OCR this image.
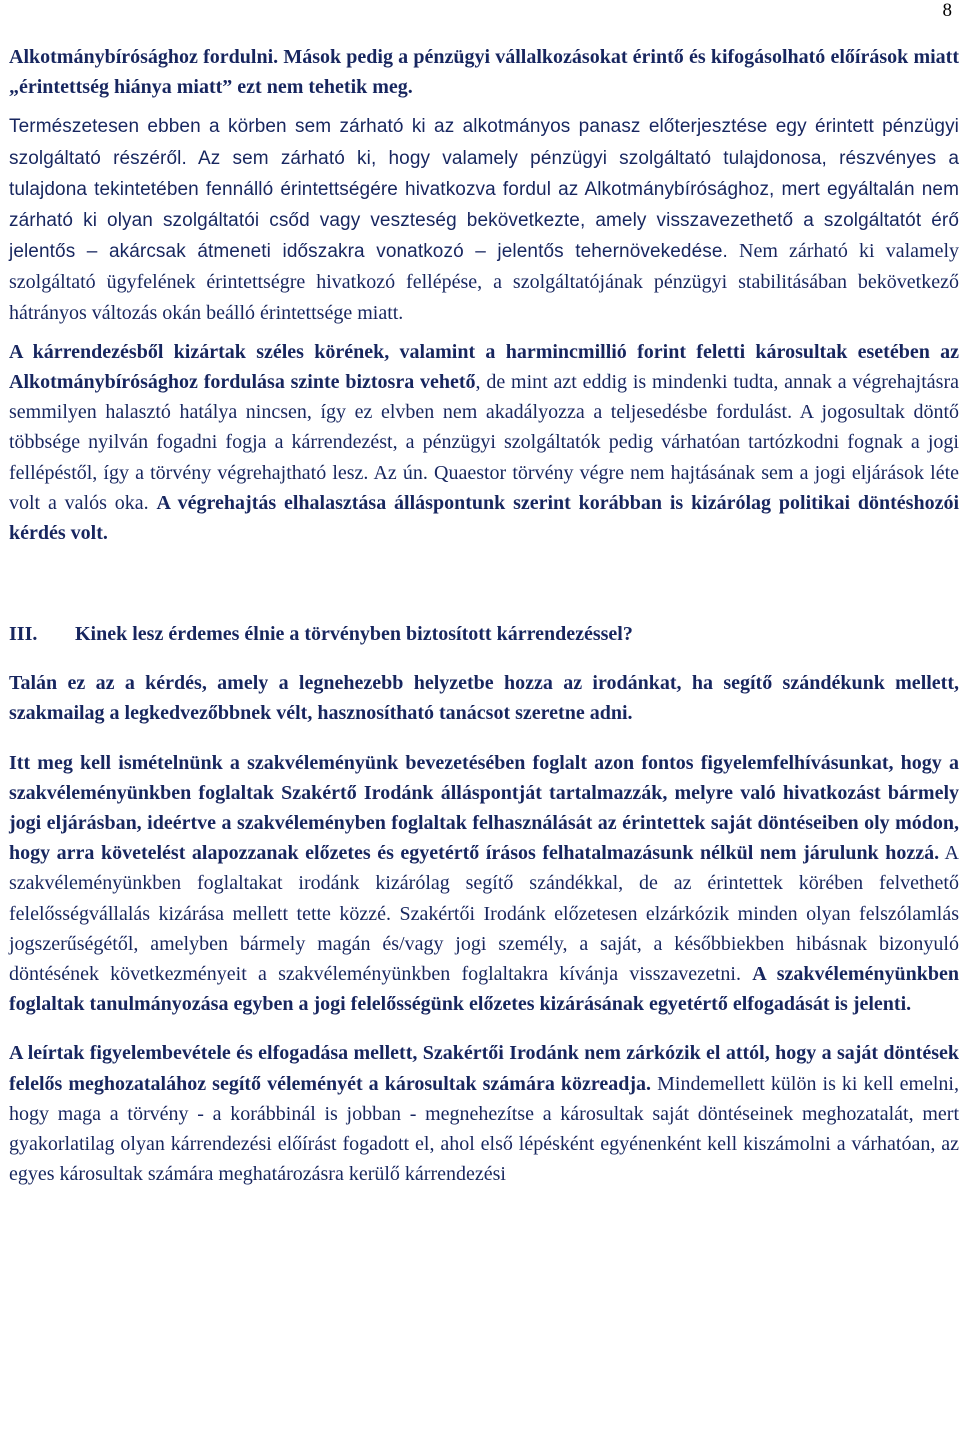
8

Alkotmánybírósághoz fordulni. Mások pedig a pénzügyi vállalkozásokat érintő és kifogásolható előírások miatt „érintettség hiánya miatt” ezt nem tehetik meg.

Természetesen ebben a körben sem zárható ki az alkotmányos panasz előterjesztése egy érintett pénzügyi szolgáltató részéről. Az sem zárható ki, hogy valamely pénzügyi szolgáltató tulajdonosa, részvényes a tulajdona tekintetében fennálló érintettségére hivatkozva fordul az Alkotmánybírósághoz, mert egyáltalán nem zárható ki olyan szolgáltatói csőd vagy veszteség bekövetkezte, amely visszavezethető a szolgáltatót érő jelentős – akárcsak átmeneti időszakra vonatkozó – jelentős tehernövekedése. Nem zárható ki valamely szolgáltató ügyfelének érintettségre hivatkozó fellépése, a szolgáltatójának pénzügyi stabilitásában bekövetkező hátrányos változás okán beálló érintettsége miatt.

A kárrendezésből kizártak széles körének, valamint a harmincmillió forint feletti károsultak esetében az Alkotmánybírósághoz fordulása szinte biztosra vehető, de mint azt eddig is mindenki tudta, annak a végrehajtásra semmilyen halasztó hatálya nincsen, így ez elvben nem akadályozza a teljesedésbe fordulást. A jogosultak döntő többsége nyilván fogadni fogja a kárrendezést, a pénzügyi szolgáltatók pedig várhatóan tartózkodni fognak a jogi fellépéstől, így a törvény végrehajtható lesz. Az ún. Quaestor törvény végre nem hajtásának sem a jogi eljárások léte volt a valós oka. A végrehajtás elhalasztása álláspontunk szerint korábban is kizárólag politikai döntéshozói kérdés volt.

III.	Kinek lesz érdemes élnie a törvényben biztosított kárrendezéssel?

Talán ez az a kérdés, amely a legnehezebb helyzetbe hozza az irodánkat, ha segítő szándékunk mellett, szakmailag a legkedvezőbbnek vélt, hasznosítható tanácsot szeretne adni.

Itt meg kell ismételnünk a szakvéleményünk bevezetésében foglalt azon fontos figyelemfelhívásunkat, hogy a szakvéleményünkben foglaltak Szakértő Irodánk álláspontját tartalmazzák, melyre való hivatkozást bármely jogi eljárásban, ideértve a szakvéleményben foglaltak felhasználását az érintettek saját döntéseiben oly módon, hogy arra követelést alapozzanak előzetes és egyetértő írásos felhatalmazásunk nélkül nem járulunk hozzá. A szakvéleményünkben foglaltakat irodánk kizárólag segítő szándékkal, de az érintettek körében felvethető felelősségvállalás kizárása mellett tette közzé. Szakértői Irodánk előzetesen elzárkózik minden olyan felszólamlás jogszerűségétől, amelyben bármely magán és/vagy jogi személy, a saját, a későbbiekben hibásnak bizonyuló döntésének következményeit a szakvéleményünkben foglaltakra kívánja visszavezetni. A szakvéleményünkben foglaltak tanulmányozása egyben a jogi felelősségünk előzetes kizárásának egyetértő elfogadását is jelenti.

A leírtak figyelembevétele és elfogadása mellett, Szakértői Irodánk nem zárkózik el attól, hogy a saját döntések felelős meghozatalához segítő véleményét a károsultak számára közreadja. Mindemellett külön is ki kell emelni, hogy maga a törvény - a korábbinál is jobban - megnehezítse a károsultak saját döntéseinek meghozatalát, mert gyakorlatilag olyan kárrendezési előírást fogadott el, ahol első lépésként egyénenként kell kiszámolni a várhatóan, az egyes károsultak számára meghatározásra kerülő kárrendezési
